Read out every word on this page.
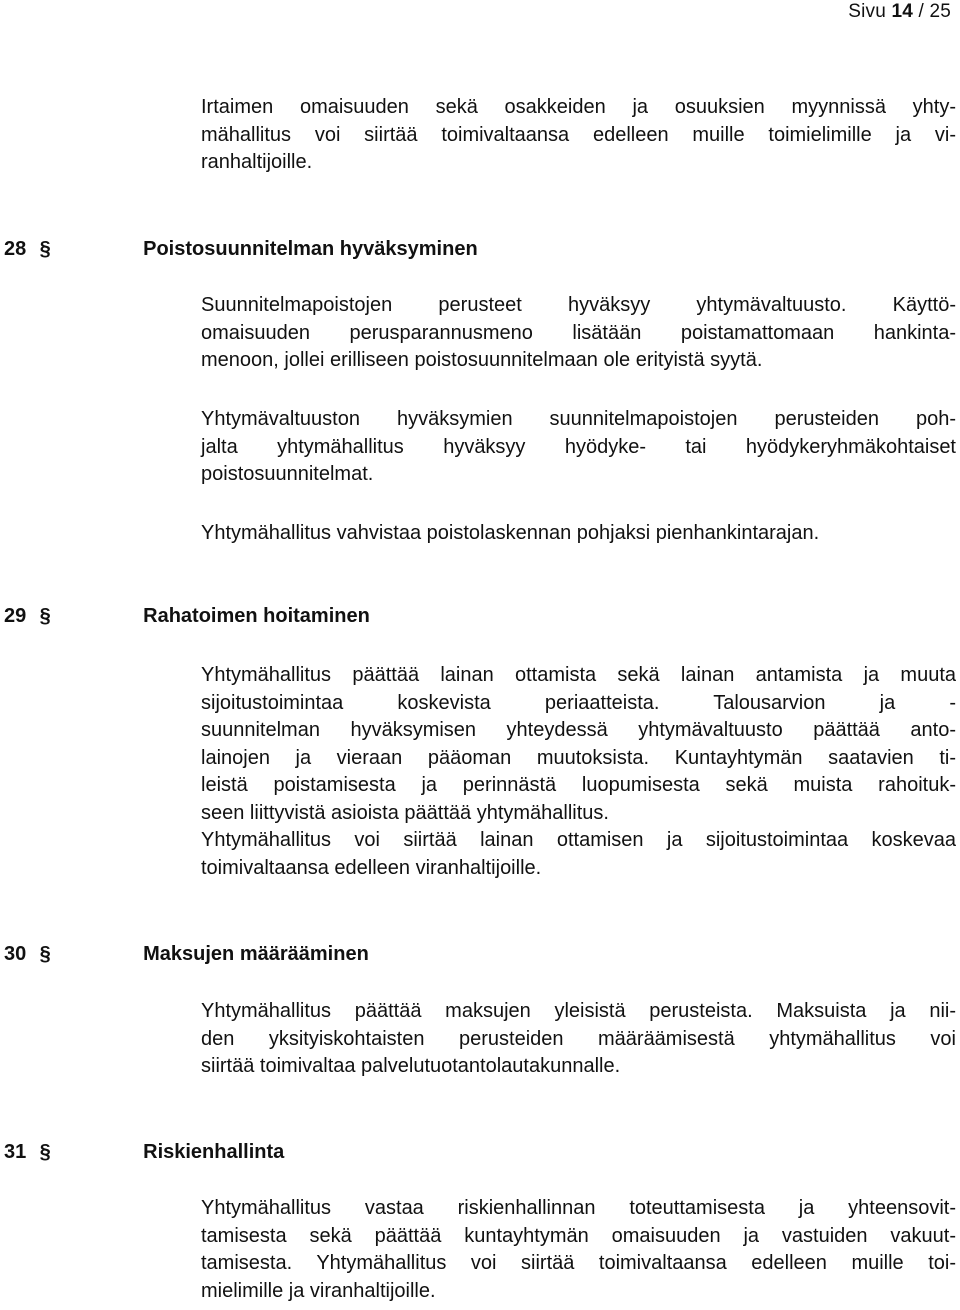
Sivu 14 / 25
Irtaimen omaisuuden sekä osakkeiden ja osuuksien myynnissä yhty-
mähallitus voi siirtää toimivaltaansa edelleen muille toimielimille ja vi-
ranhaltijoille.
28 §	Poistosuunnitelman hyväksyminen
Suunnitelmapoistojen perusteet hyväksyy yhtymävaltuusto. Käyttö-
omaisuuden perusparannusmeno lisätään poistamattomaan hankinta-
menoon, jollei erilliseen poistosuunnitelmaan ole erityistä syytä.
Yhtymävaltuuston hyväksymien suunnitelmapoistojen perusteiden poh-
jalta yhtymähallitus hyväksyy hyödyke- tai hyödykeryhmäkohtaiset
poistosuunnitelmat.
Yhtymähallitus vahvistaa poistolaskennan pohjaksi pienhankintarajan.
29 §	Rahatoimen hoitaminen
Yhtymähallitus päättää lainan ottamista sekä lainan antamista ja muuta
sijoitustoimintaa koskevista periaatteista. Talousarvion ja -
suunnitelman hyväksymisen yhteydessä yhtymävaltuusto päättää anto-
lainojen ja vieraan pääoman muutoksista. Kuntayhtymän saatavien ti-
leistä poistamisesta ja perinnästä luopumisesta sekä muista rahoituk-
seen liittyvistä asioista päättää yhtymähallitus.
Yhtymähallitus voi siirtää lainan ottamisen ja sijoitustoimintaa koskevaa
toimivaltaansa edelleen viranhaltijoille.
30 §	Maksujen määrääminen
Yhtymähallitus päättää maksujen yleisistä perusteista. Maksuista ja nii-
den yksityiskohtaisten perusteiden määräämisestä yhtymähallitus voi
siirtää toimivaltaa palvelutuotantolautakunnalle.
31 §	Riskienhallinta
Yhtymähallitus vastaa riskienhallinnan toteuttamisesta ja yhteensovit-
tamisesta sekä päättää kuntayhtymän omaisuuden ja vastuiden vakuut-
tamisesta. Yhtymähallitus voi siirtää toimivaltaansa edelleen muille toi-
mielimille ja viranhaltijoille.
